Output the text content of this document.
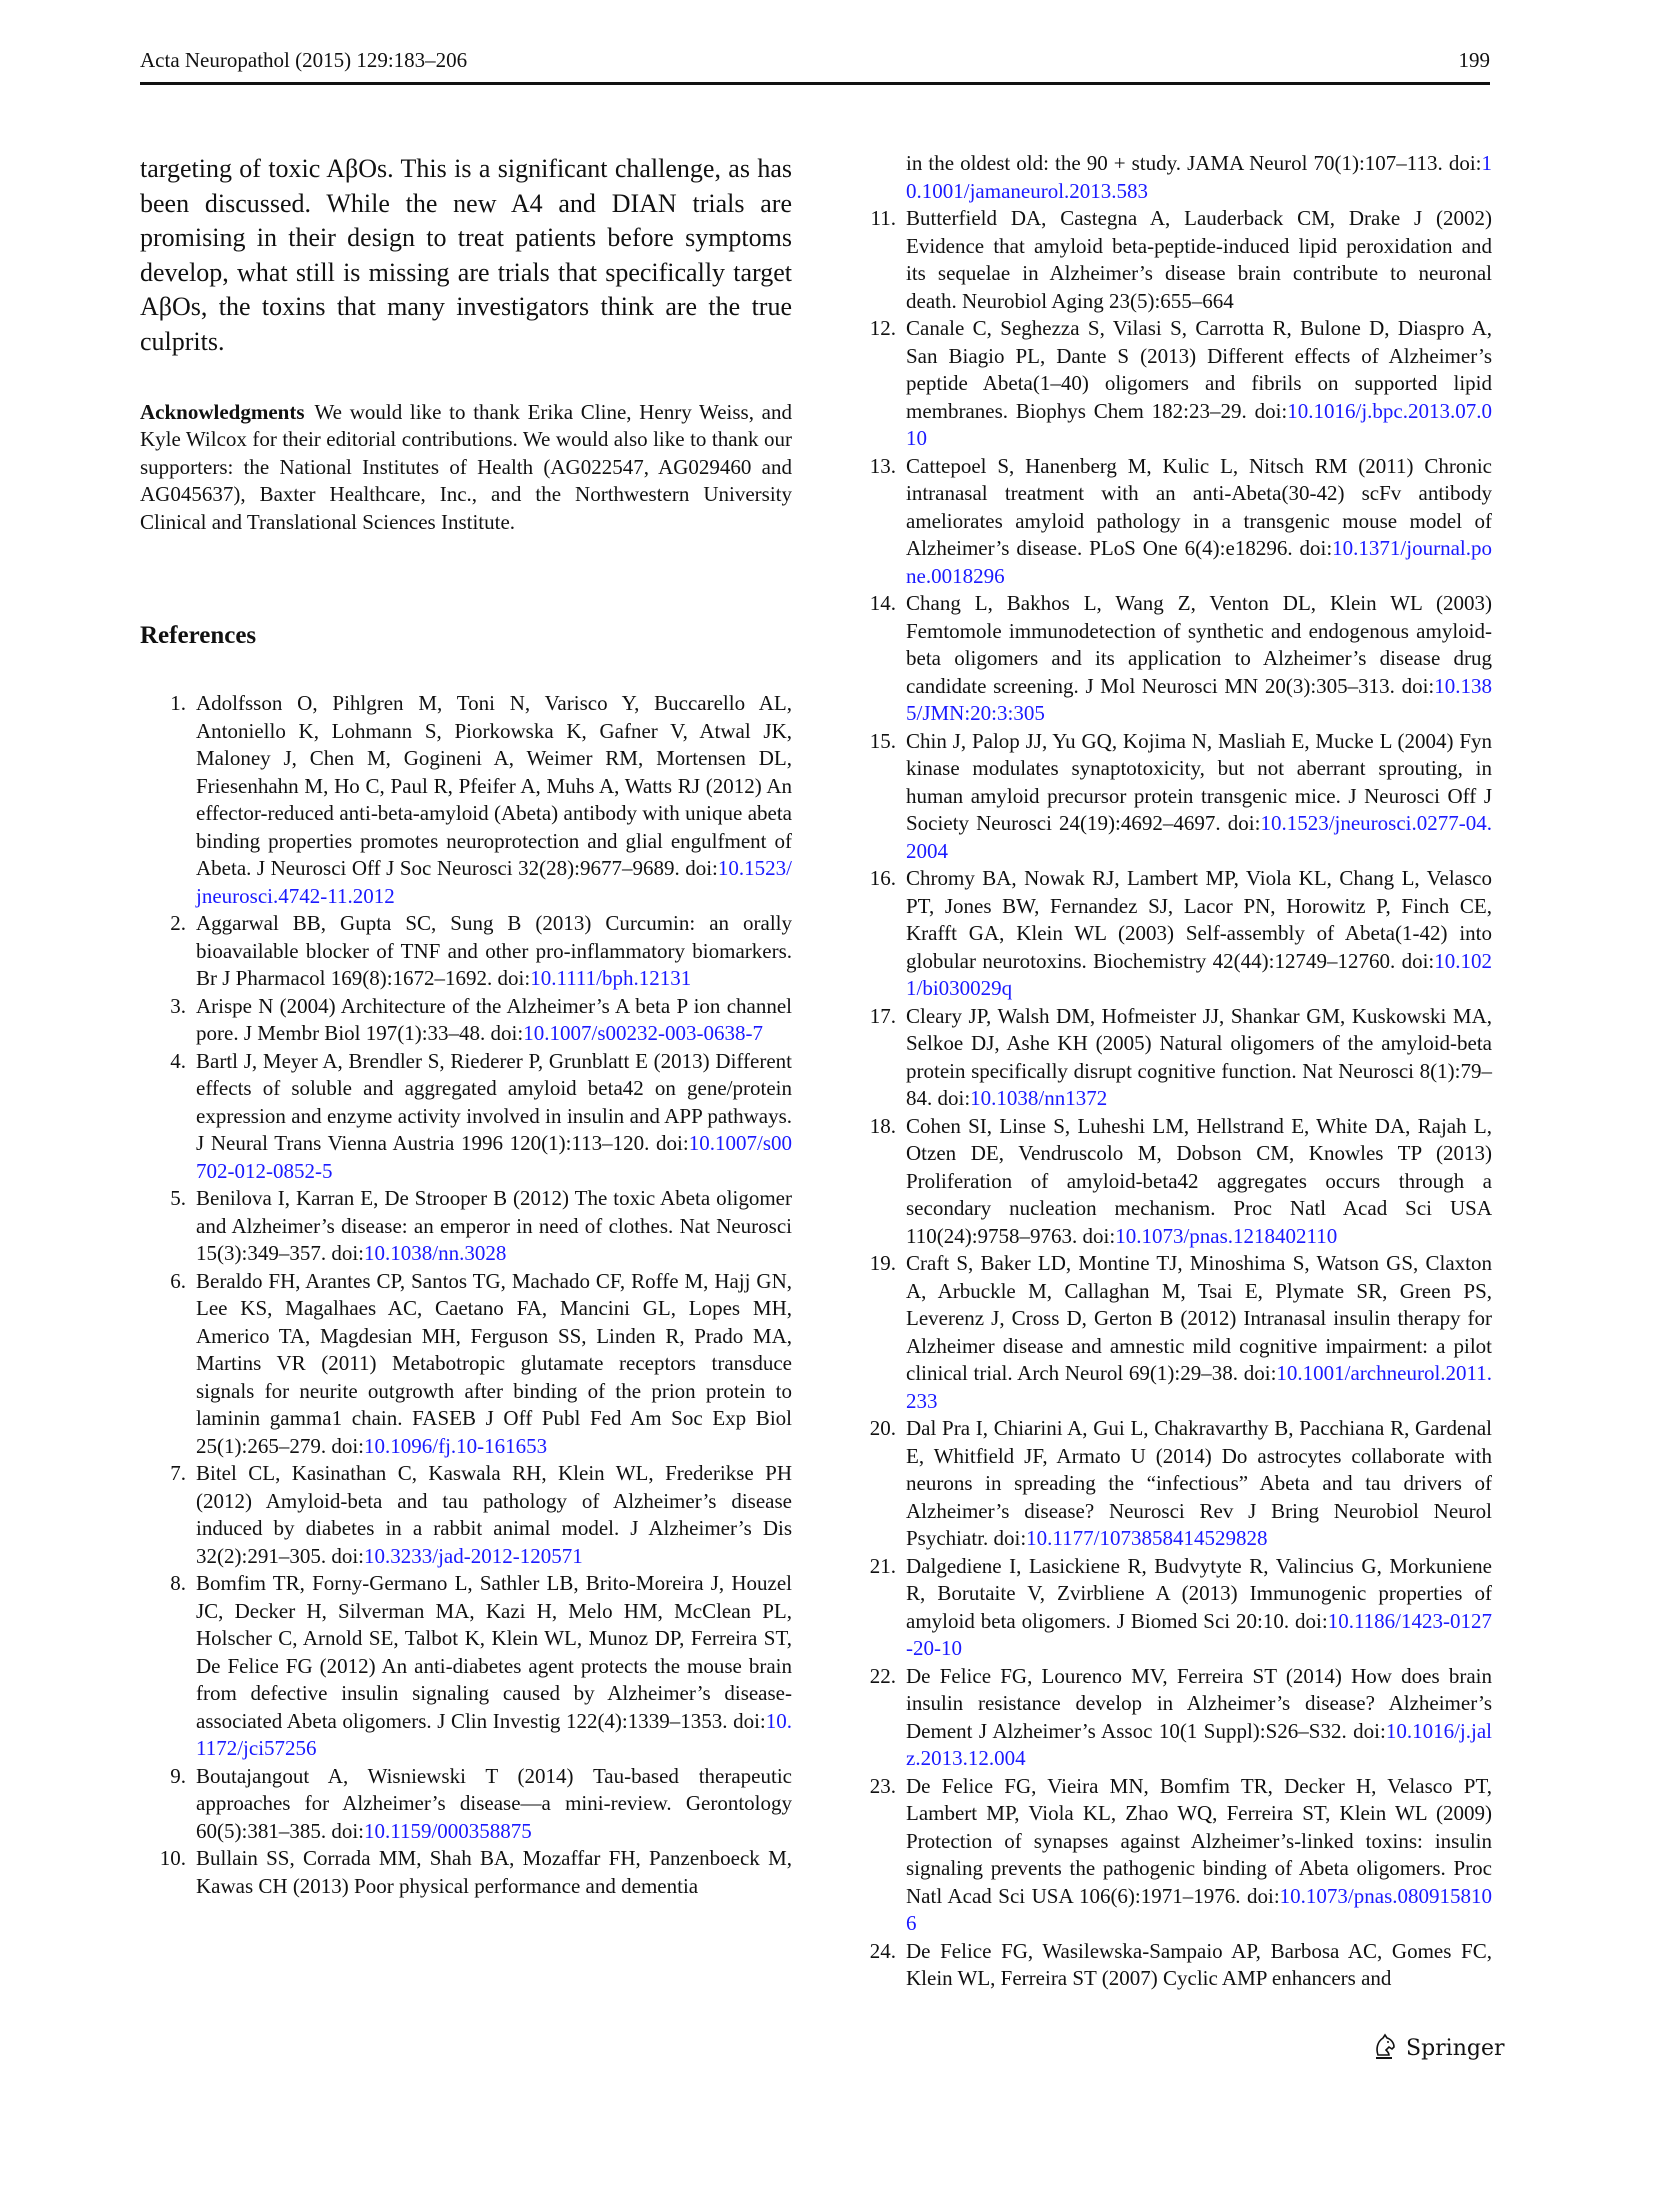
Acta Neuropathol (2015) 129:183–206	199

targeting of toxic AβOs. This is a significant challenge, as has been discussed. While the new A4 and DIAN trials are promising in their design to treat patients before symptoms develop, what still is missing are trials that specifically target AβOs, the toxins that many investigators think are the true culprits.

Acknowledgments We would like to thank Erika Cline, Henry Weiss, and Kyle Wilcox for their editorial contributions. We would also like to thank our supporters: the National Institutes of Health (AG022547, AG029460 and AG045637), Baxter Healthcare, Inc., and the Northwestern University Clinical and Translational Sciences Institute.
References
1. Adolfsson O, Pihlgren M, Toni N, Varisco Y, Buccarello AL, Antoniello K, Lohmann S, Piorkowska K, Gafner V, Atwal JK, Maloney J, Chen M, Gogineni A, Weimer RM, Mortensen DL, Friesenhahn M, Ho C, Paul R, Pfeifer A, Muhs A, Watts RJ (2012) An effector-reduced anti-beta-amyloid (Abeta) antibody with unique abeta binding properties promotes neuroprotection and glial engulfment of Abeta. J Neurosci Off J Soc Neurosci 32(28):9677–9689. doi:10.1523/jneurosci.4742-11.2012
2. Aggarwal BB, Gupta SC, Sung B (2013) Curcumin: an orally bioavailable blocker of TNF and other pro-inflammatory biomarkers. Br J Pharmacol 169(8):1672–1692. doi:10.1111/bph.12131
3. Arispe N (2004) Architecture of the Alzheimer’s A beta P ion channel pore. J Membr Biol 197(1):33–48. doi:10.1007/s00232-003-0638-7
4. Bartl J, Meyer A, Brendler S, Riederer P, Grunblatt E (2013) Different effects of soluble and aggregated amyloid beta42 on gene/protein expression and enzyme activity involved in insulin and APP pathways. J Neural Trans Vienna Austria 1996 120(1):113–120. doi:10.1007/s00702-012-0852-5
5. Benilova I, Karran E, De Strooper B (2012) The toxic Abeta oligomer and Alzheimer’s disease: an emperor in need of clothes. Nat Neurosci 15(3):349–357. doi:10.1038/nn.3028
6. Beraldo FH, Arantes CP, Santos TG, Machado CF, Roffe M, Hajj GN, Lee KS, Magalhaes AC, Caetano FA, Mancini GL, Lopes MH, Americo TA, Magdesian MH, Ferguson SS, Linden R, Prado MA, Martins VR (2011) Metabotropic glutamate receptors transduce signals for neurite outgrowth after binding of the prion protein to laminin gamma1 chain. FASEB J Off Publ Fed Am Soc Exp Biol 25(1):265–279. doi:10.1096/fj.10-161653
7. Bitel CL, Kasinathan C, Kaswala RH, Klein WL, Frederikse PH (2012) Amyloid-beta and tau pathology of Alzheimer’s disease induced by diabetes in a rabbit animal model. J Alzheimer’s Dis 32(2):291–305. doi:10.3233/jad-2012-120571
8. Bomfim TR, Forny-Germano L, Sathler LB, Brito-Moreira J, Houzel JC, Decker H, Silverman MA, Kazi H, Melo HM, McClean PL, Holscher C, Arnold SE, Talbot K, Klein WL, Munoz DP, Ferreira ST, De Felice FG (2012) An anti-diabetes agent protects the mouse brain from defective insulin signaling caused by Alzheimer’s disease- associated Abeta oligomers. J Clin Investig 122(4):1339–1353. doi:10.1172/jci57256
9. Boutajangout A, Wisniewski T (2014) Tau-based therapeutic approaches for Alzheimer’s disease—a mini-review. Gerontology 60(5):381–385. doi:10.1159/000358875
10. Bullain SS, Corrada MM, Shah BA, Mozaffar FH, Panzenboeck M, Kawas CH (2013) Poor physical performance and dementia
in the oldest old: the 90 + study. JAMA Neurol 70(1):107–113. doi:10.1001/jamaneurol.2013.583
11. Butterfield DA, Castegna A, Lauderback CM, Drake J (2002) Evidence that amyloid beta-peptide-induced lipid peroxidation and its sequelae in Alzheimer’s disease brain contribute to neuronal death. Neurobiol Aging 23(5):655–664
12. Canale C, Seghezza S, Vilasi S, Carrotta R, Bulone D, Diaspro A, San Biagio PL, Dante S (2013) Different effects of Alzheimer’s peptide Abeta(1–40) oligomers and fibrils on supported lipid membranes. Biophys Chem 182:23–29. doi:10.1016/j.bpc.2013.07.010
13. Cattepoel S, Hanenberg M, Kulic L, Nitsch RM (2011) Chronic intranasal treatment with an anti-Abeta(30-42) scFv antibody ameliorates amyloid pathology in a transgenic mouse model of Alzheimer’s disease. PLoS One 6(4):e18296. doi:10.1371/journal.pone.0018296
14. Chang L, Bakhos L, Wang Z, Venton DL, Klein WL (2003) Femtomole immunodetection of synthetic and endogenous amyloid-beta oligomers and its application to Alzheimer’s disease drug candidate screening. J Mol Neurosci MN 20(3):305–313. doi:10.1385/JMN:20:3:305
15. Chin J, Palop JJ, Yu GQ, Kojima N, Masliah E, Mucke L (2004) Fyn kinase modulates synaptotoxicity, but not aberrant sprouting, in human amyloid precursor protein transgenic mice. J Neurosci Off J Society Neurosci 24(19):4692–4697. doi:10.1523/jneurosci.0277-04.2004
16. Chromy BA, Nowak RJ, Lambert MP, Viola KL, Chang L, Velasco PT, Jones BW, Fernandez SJ, Lacor PN, Horowitz P, Finch CE, Krafft GA, Klein WL (2003) Self-assembly of Abeta(1-42) into globular neurotoxins. Biochemistry 42(44):12749–12760. doi:10.1021/bi030029q
17. Cleary JP, Walsh DM, Hofmeister JJ, Shankar GM, Kuskowski MA, Selkoe DJ, Ashe KH (2005) Natural oligomers of the amyloid-beta protein specifically disrupt cognitive function. Nat Neurosci 8(1):79–84. doi:10.1038/nn1372
18. Cohen SI, Linse S, Luheshi LM, Hellstrand E, White DA, Rajah L, Otzen DE, Vendruscolo M, Dobson CM, Knowles TP (2013) Proliferation of amyloid-beta42 aggregates occurs through a secondary nucleation mechanism. Proc Natl Acad Sci USA 110(24):9758–9763. doi:10.1073/pnas.1218402110
19. Craft S, Baker LD, Montine TJ, Minoshima S, Watson GS, Claxton A, Arbuckle M, Callaghan M, Tsai E, Plymate SR, Green PS, Leverenz J, Cross D, Gerton B (2012) Intranasal insulin therapy for Alzheimer disease and amnestic mild cognitive impairment: a pilot clinical trial. Arch Neurol 69(1):29–38. doi:10.1001/archneurol.2011.233
20. Dal Pra I, Chiarini A, Gui L, Chakravarthy B, Pacchiana R, Gardenal E, Whitfield JF, Armato U (2014) Do astrocytes collaborate with neurons in spreading the “infectious” Abeta and tau drivers of Alzheimer’s disease? Neurosci Rev J Bring Neurobiol Neurol Psychiatr. doi:10.1177/1073858414529828
21. Dalgediene I, Lasickiene R, Budvytyte R, Valincius G, Morkuniene R, Borutaite V, Zvirbliene A (2013) Immunogenic properties of amyloid beta oligomers. J Biomed Sci 20:10. doi:10.1186/1423-0127-20-10
22. De Felice FG, Lourenco MV, Ferreira ST (2014) How does brain insulin resistance develop in Alzheimer’s disease? Alzheimer’s Dement J Alzheimer’s Assoc 10(1 Suppl):S26–S32. doi:10.1016/j.jalz.2013.12.004
23. De Felice FG, Vieira MN, Bomfim TR, Decker H, Velasco PT, Lambert MP, Viola KL, Zhao WQ, Ferreira ST, Klein WL (2009) Protection of synapses against Alzheimer’s-linked toxins: insulin signaling prevents the pathogenic binding of Abeta oligomers. Proc Natl Acad Sci USA 106(6):1971–1976. doi:10.1073/pnas.0809158106
24. De Felice FG, Wasilewska-Sampaio AP, Barbosa AC, Gomes FC, Klein WL, Ferreira ST (2007) Cyclic AMP enhancers and
Springer
